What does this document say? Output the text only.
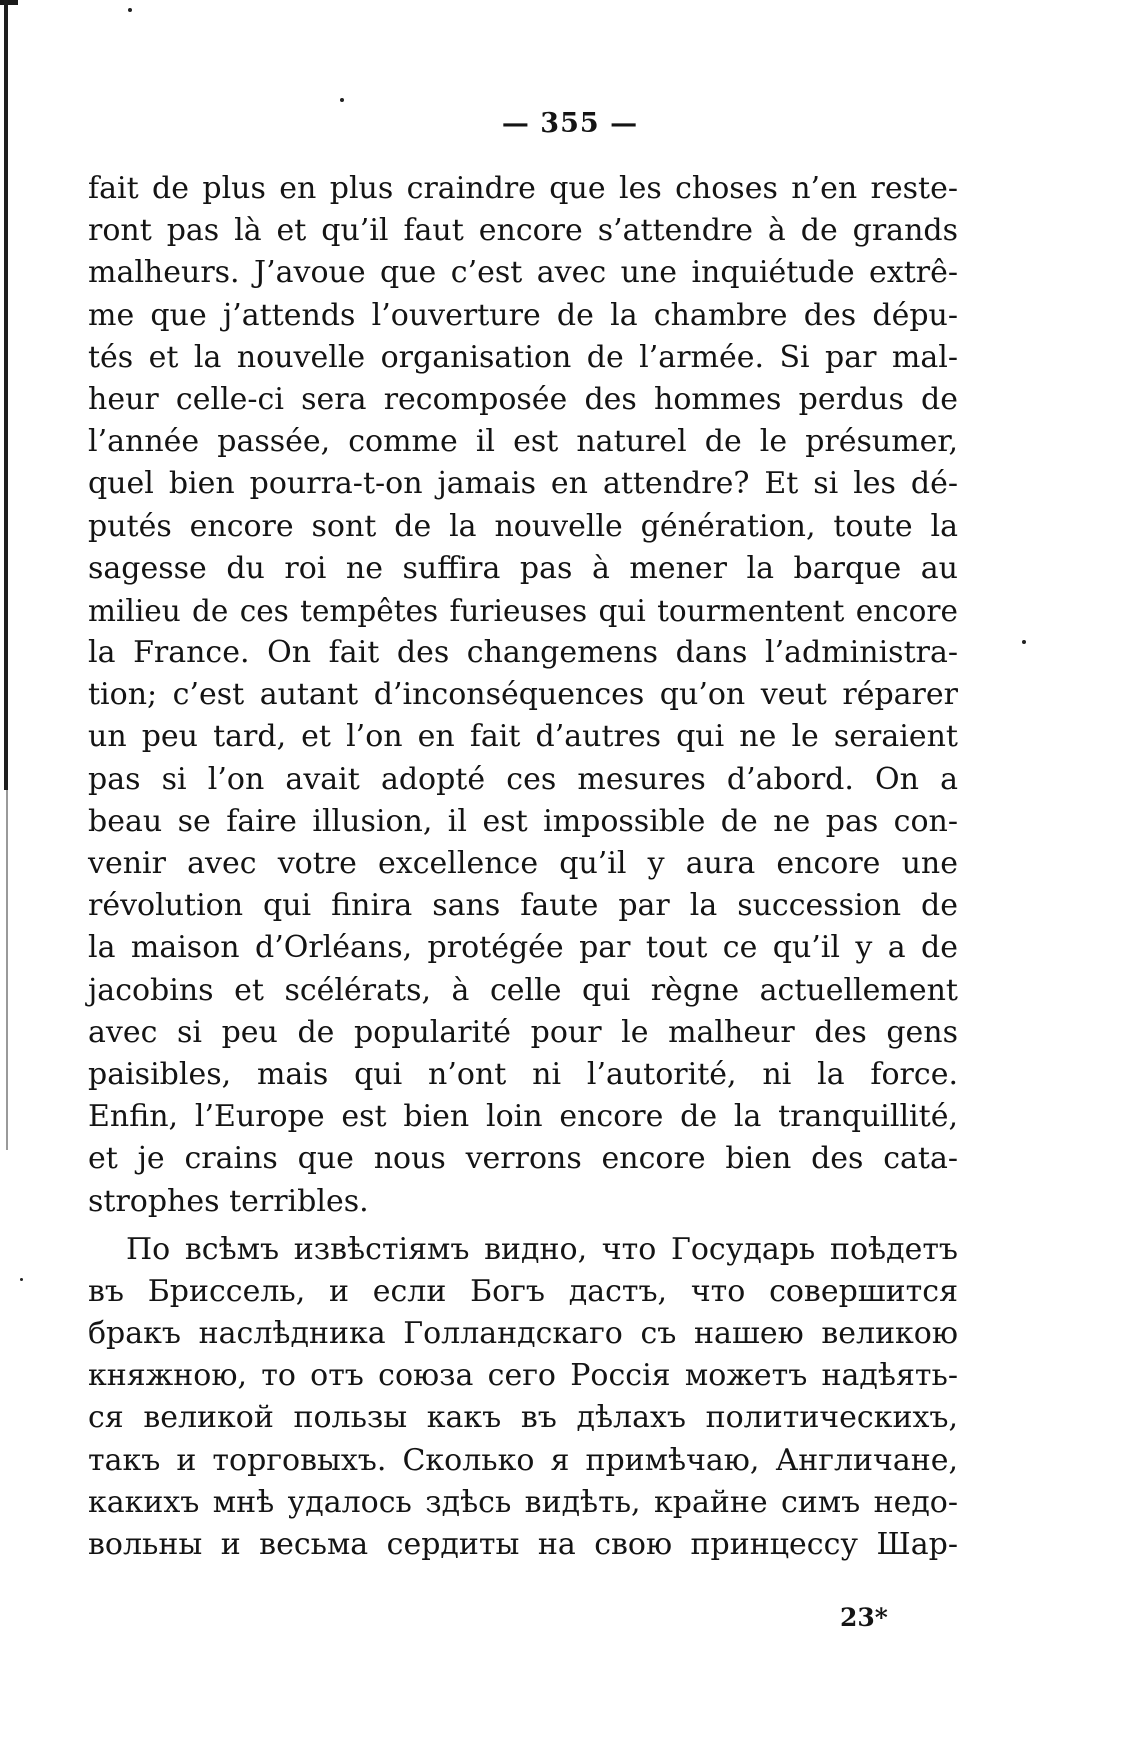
— 355 —
fait de plus en plus craindre que les choses n’en reste-
ront pas là et qu’il faut encore s’attendre à de grands
malheurs. J’avoue que c’est avec une inquiétude extrê-
me que j’attends l’ouverture de la chambre des dépu-
tés et la nouvelle organisation de l’armée. Si par mal-
heur celle-ci sera recomposée des hommes perdus de
l’année passée, comme il est naturel de le présumer,
quel bien pourra-t-on jamais en attendre? Et si les dé-
putés encore sont de la nouvelle génération, toute la
sagesse du roi ne suffira pas à mener la barque au
milieu de ces tempêtes furieuses qui tourmentent encore
la France. On fait des changemens dans l’administra-
tion; c’est autant d’inconséquences qu’on veut réparer
un peu tard, et l’on en fait d’autres qui ne le seraient
pas si l’on avait adopté ces mesures d’abord. On a
beau se faire illusion, il est impossible de ne pas con-
venir avec votre excellence qu’il y aura encore une
révolution qui finira sans faute par la succession de
la maison d’Orléans, protégée par tout ce qu’il y a de
jacobins et scélérats, à celle qui règne actuellement
avec si peu de popularité pour le malheur des gens
paisibles, mais qui n’ont ni l’autorité, ni la force.
Enfin, l’Europe est bien loin encore de la tranquillité,
et je crains que nous verrons encore bien des cata-
strophes terribles.
По всѣмъ извѣстіямъ видно, что Государь поѣдетъ
въ Бриссель, и если Богъ дастъ, что совершится
бракъ наслѣдника Голландскаго съ нашею великою
княжною, то отъ союза сего Россія можетъ надѣять-
ся великой пользы какъ въ дѣлахъ политическихъ,
такъ и торговыхъ. Сколько я примѣчаю, Англичане,
какихъ мнѣ удалось здѣсь видѣть, крайне симъ недо-
вольны и весьма сердиты на свою принцессу Шар-
23*
